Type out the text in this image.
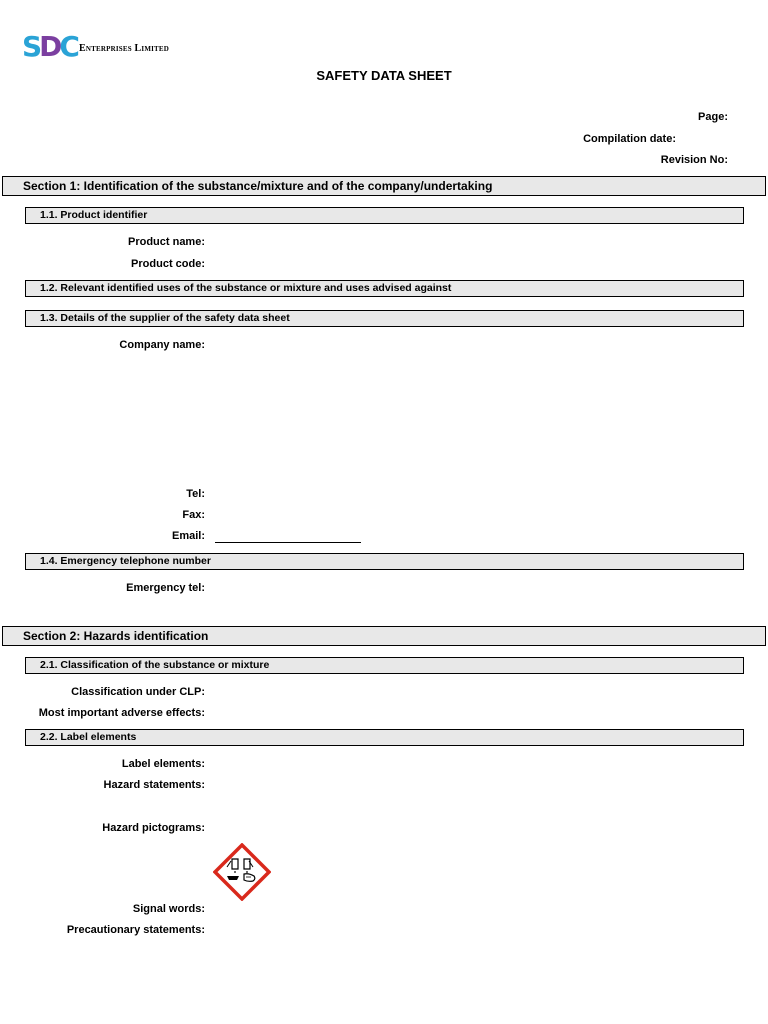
SDC Enterprises Limited
SAFETY DATA SHEET
Page:
Compilation date:
Revision No:
Section 1: Identification of the substance/mixture and of the company/undertaking
1.1. Product identifier
Product name:
Product code:
1.2. Relevant identified uses of the substance or mixture and uses advised against
1.3. Details of the supplier of the safety data sheet
Company name:
Tel:
Fax:
Email:
1.4. Emergency telephone number
Emergency tel:
Section 2: Hazards identification
2.1. Classification of the substance or mixture
Classification under CLP:
Most important adverse effects:
2.2. Label elements
Label elements:
Hazard statements:
Hazard pictograms:
Signal words:
Precautionary statements:
